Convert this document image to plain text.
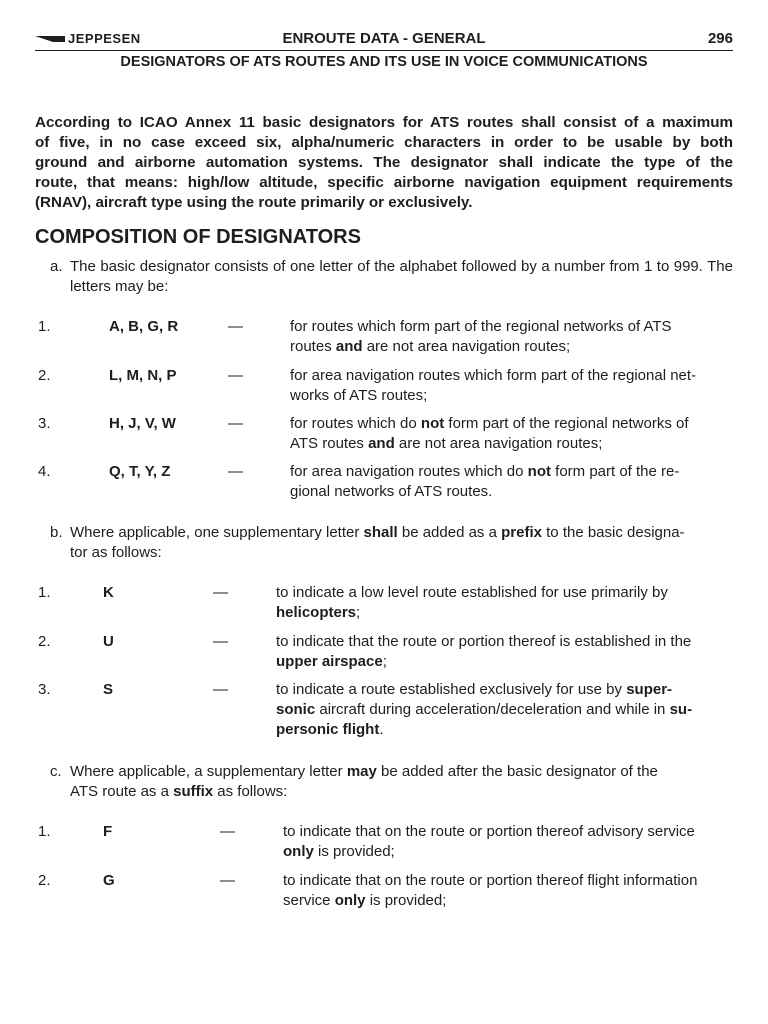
JEPPESEN	ENROUTE DATA - GENERAL	296
DESIGNATORS OF ATS ROUTES AND ITS USE IN VOICE COMMUNICATIONS
According to ICAO Annex 11 basic designators for ATS routes shall consist of a maximum
of five, in no case exceed six, alpha/numeric characters in order to be usable by both
ground and airborne automation systems. The designator shall indicate the type of the
route, that means: high/low altitude, specific airborne navigation equipment requirements
(RNAV), aircraft type using the route primarily or exclusively.
COMPOSITION OF DESIGNATORS
a. The basic designator consists of one letter of the alphabet followed by a number from 1 to 999. The letters may be:
1.	A, B, G, R	—	for routes which form part of the regional networks of ATS
routes and are not area navigation routes;
2.	L, M, N, P	—	for area navigation routes which form part of the regional net-
works of ATS routes;
3.	H, J, V, W	—	for routes which do not form part of the regional networks of
ATS routes and are not area navigation routes;
4.	Q, T, Y, Z	—	for area navigation routes which do not form part of the re-
gional networks of ATS routes.
b. Where applicable, one supplementary letter shall be added as a prefix to the basic designa-
tor as follows:
1.	K	—	to indicate a low level route established for use primarily by
helicopters;
2.	U	—	to indicate that the route or portion thereof is established in the
upper airspace;
3.	S	—	to indicate a route established exclusively for use by super-
sonic aircraft during acceleration/deceleration and while in su-
personic flight.
c. Where applicable, a supplementary letter may be added after the basic designator of the
ATS route as a suffix as follows:
1.	F	—	to indicate that on the route or portion thereof advisory service
only is provided;
2.	G	—	to indicate that on the route or portion thereof flight information
service only is provided;
